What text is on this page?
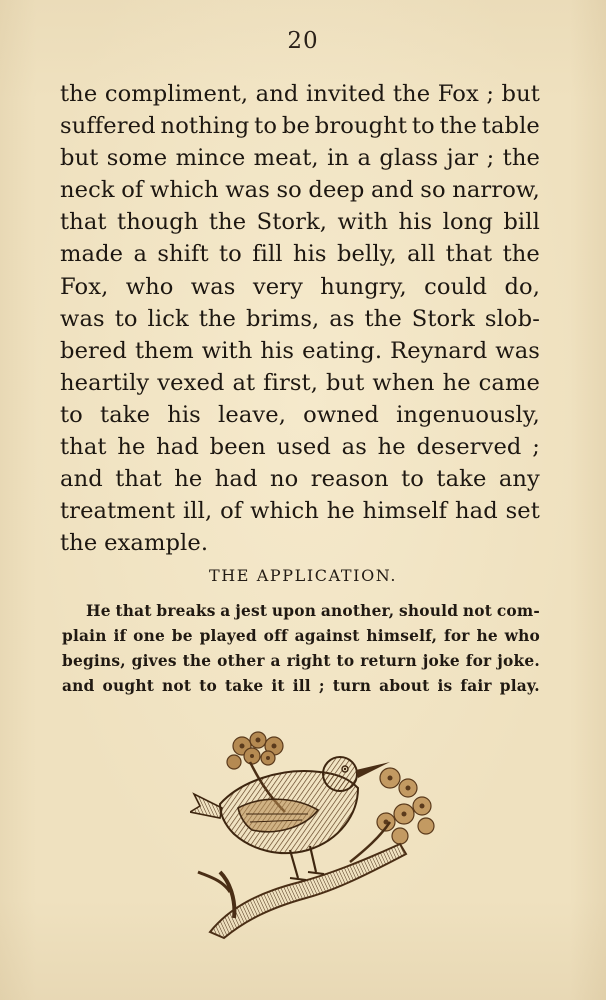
20
the compliment, and invited the Fox ; but
suffered nothing to be brought to the table
but some mince meat, in a glass jar ; the
neck of which was so deep and so narrow,
that though the Stork, with his long bill
made a shift to fill his belly, all that the
Fox, who was very hungry, could do,
was to lick the brims, as the Stork slob-
bered them with his eating. Reynard was
heartily vexed at first, but when he came
to take his leave, owned ingenuously,
that he had been used as he deserved ;
and that he had no reason to take any
treatment ill, of which he himself had set
the example.
THE APPLICATION.
He that breaks a jest upon another, should not com-
plain if one be played off against himself, for he who
begins, gives the other a right to return joke for joke.
and ought not to take it ill ; turn about is fair play.
